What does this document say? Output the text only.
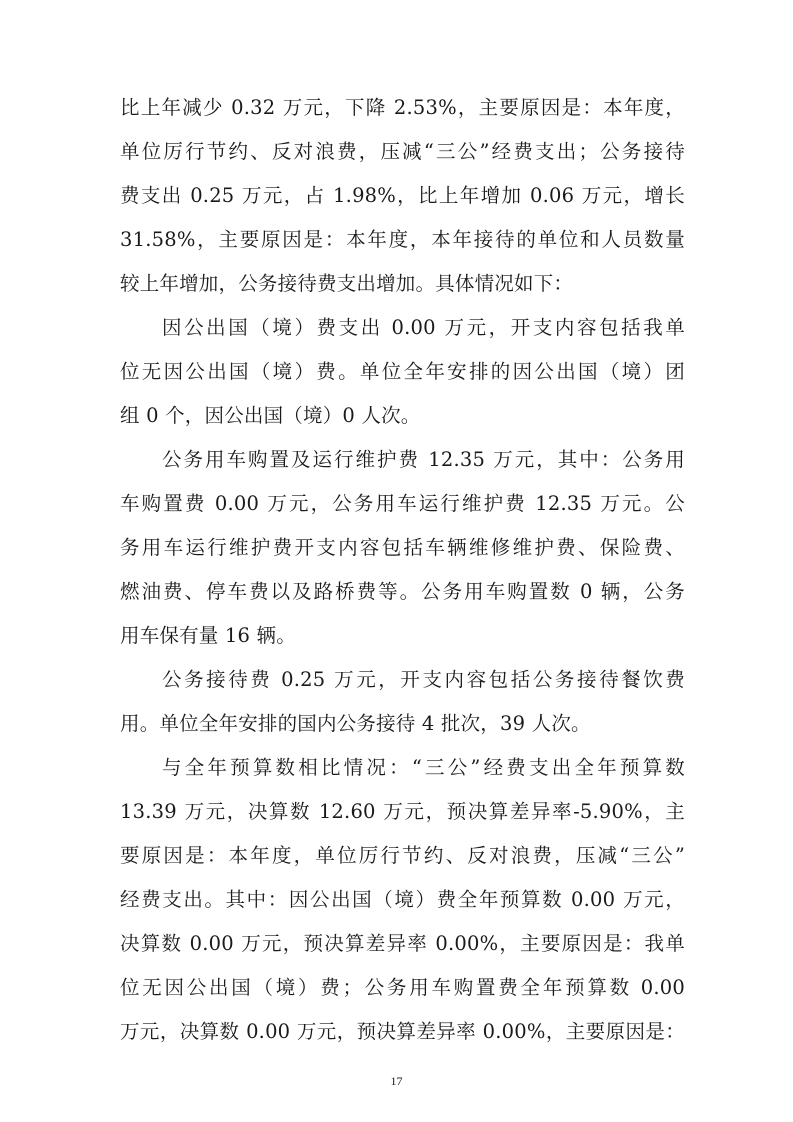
比上年减少 0.32 万元，下降 2.53%，主要原因是：本年度，
单位厉行节约、反对浪费，压减“三公”经费支出；公务接待
费支出 0.25 万元，占 1.98%，比上年增加 0.06 万元，增长
31.58%，主要原因是：本年度，本年接待的单位和人员数量
较上年增加，公务接待费支出增加。具体情况如下：
因公出国（境）费支出 0.00 万元，开支内容包括我单
位无因公出国（境）费。单位全年安排的因公出国（境）团
组 0 个，因公出国（境）0 人次。
公务用车购置及运行维护费 12.35 万元，其中：公务用
车购置费 0.00 万元，公务用车运行维护费 12.35 万元。公
务用车运行维护费开支内容包括车辆维修维护费、保险费、
燃油费、停车费以及路桥费等。公务用车购置数 0 辆，公务
用车保有量 16 辆。
公务接待费 0.25 万元，开支内容包括公务接待餐饮费
用。单位全年安排的国内公务接待 4 批次，39 人次。
与全年预算数相比情况：“三公”经费支出全年预算数
13.39 万元，决算数 12.60 万元，预决算差异率-5.90%，主
要原因是：本年度，单位厉行节约、反对浪费，压减“三公”
经费支出。其中：因公出国（境）费全年预算数 0.00 万元，
决算数 0.00 万元，预决算差异率 0.00%，主要原因是：我单
位无因公出国（境）费；公务用车购置费全年预算数 0.00
17
万元，决算数 0.00 万元，预决算差异率 0.00%，主要原因是：
